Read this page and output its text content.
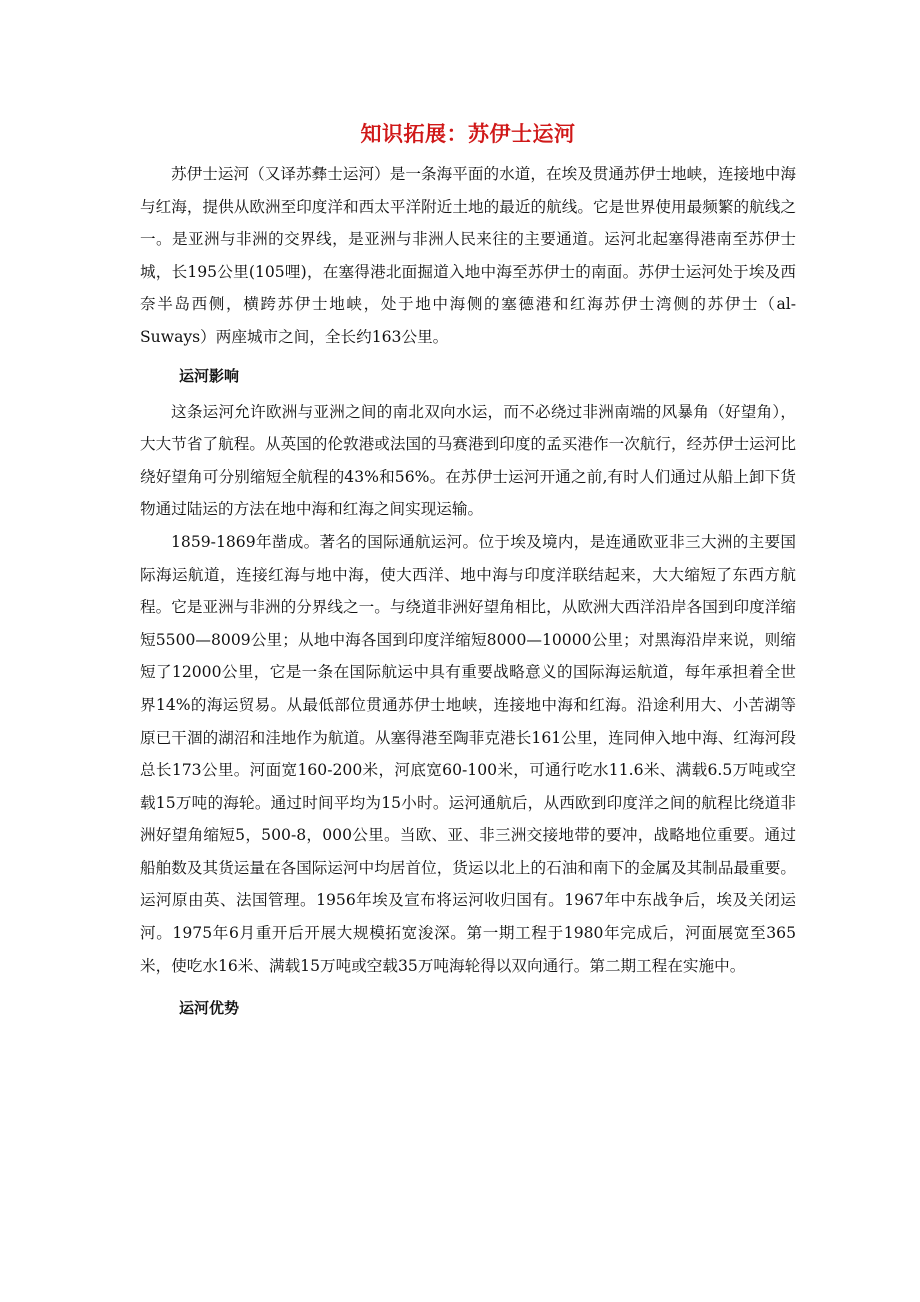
知识拓展：苏伊士运河

苏伊士运河（又译苏彝士运河）是一条海平面的水道，在埃及贯通苏伊士地峡，连接地中海与红海，提供从欧洲至印度洋和西太平洋附近土地的最近的航线。它是世界使用最频繁的航线之一。是亚洲与非洲的交界线，是亚洲与非洲人民来往的主要通道。运河北起塞得港南至苏伊士城，长195公里(105哩)，在塞得港北面掘道入地中海至苏伊士的南面。苏伊士运河处于埃及西奈半岛西侧，横跨苏伊士地峡，处于地中海侧的塞德港和红海苏伊士湾侧的苏伊士（al-Suways）两座城市之间，全长约163公里。

运河影响

这条运河允许欧洲与亚洲之间的南北双向水运，而不必绕过非洲南端的风暴角（好望角），大大节省了航程。从英国的伦敦港或法国的马赛港到印度的孟买港作一次航行，经苏伊士运河比绕好望角可分别缩短全航程的43%和56%。在苏伊士运河开通之前,有时人们通过从船上卸下货物通过陆运的方法在地中海和红海之间实现运输。

1859-1869年凿成。著名的国际通航运河。位于埃及境内，是连通欧亚非三大洲的主要国际海运航道，连接红海与地中海，使大西洋、地中海与印度洋联结起来，大大缩短了东西方航程。它是亚洲与非洲的分界线之一。与绕道非洲好望角相比，从欧洲大西洋沿岸各国到印度洋缩短5500—8009公里；从地中海各国到印度洋缩短8000—10000公里；对黑海沿岸来说，则缩短了12000公里，它是一条在国际航运中具有重要战略意义的国际海运航道，每年承担着全世界14%的海运贸易。从最低部位贯通苏伊士地峡，连接地中海和红海。沿途利用大、小苦湖等原已干涸的湖沼和洼地作为航道。从塞得港至陶菲克港长161公里，连同伸入地中海、红海河段总长173公里。河面宽160-200米，河底宽60-100米，可通行吃水11.6米、满载6.5万吨或空载15万吨的海轮。通过时间平均为15小时。运河通航后，从西欧到印度洋之间的航程比绕道非洲好望角缩短5，500-8，000公里。当欧、亚、非三洲交接地带的要冲，战略地位重要。通过船舶数及其货运量在各国际运河中均居首位，货运以北上的石油和南下的金属及其制品最重要。运河原由英、法国管理。1956年埃及宣布将运河收归国有。1967年中东战争后，埃及关闭运河。1975年6月重开后开展大规模拓宽浚深。第一期工程于1980年完成后，河面展宽至365米，使吃水16米、满载15万吨或空载35万吨海轮得以双向通行。第二期工程在实施中。

运河优势
